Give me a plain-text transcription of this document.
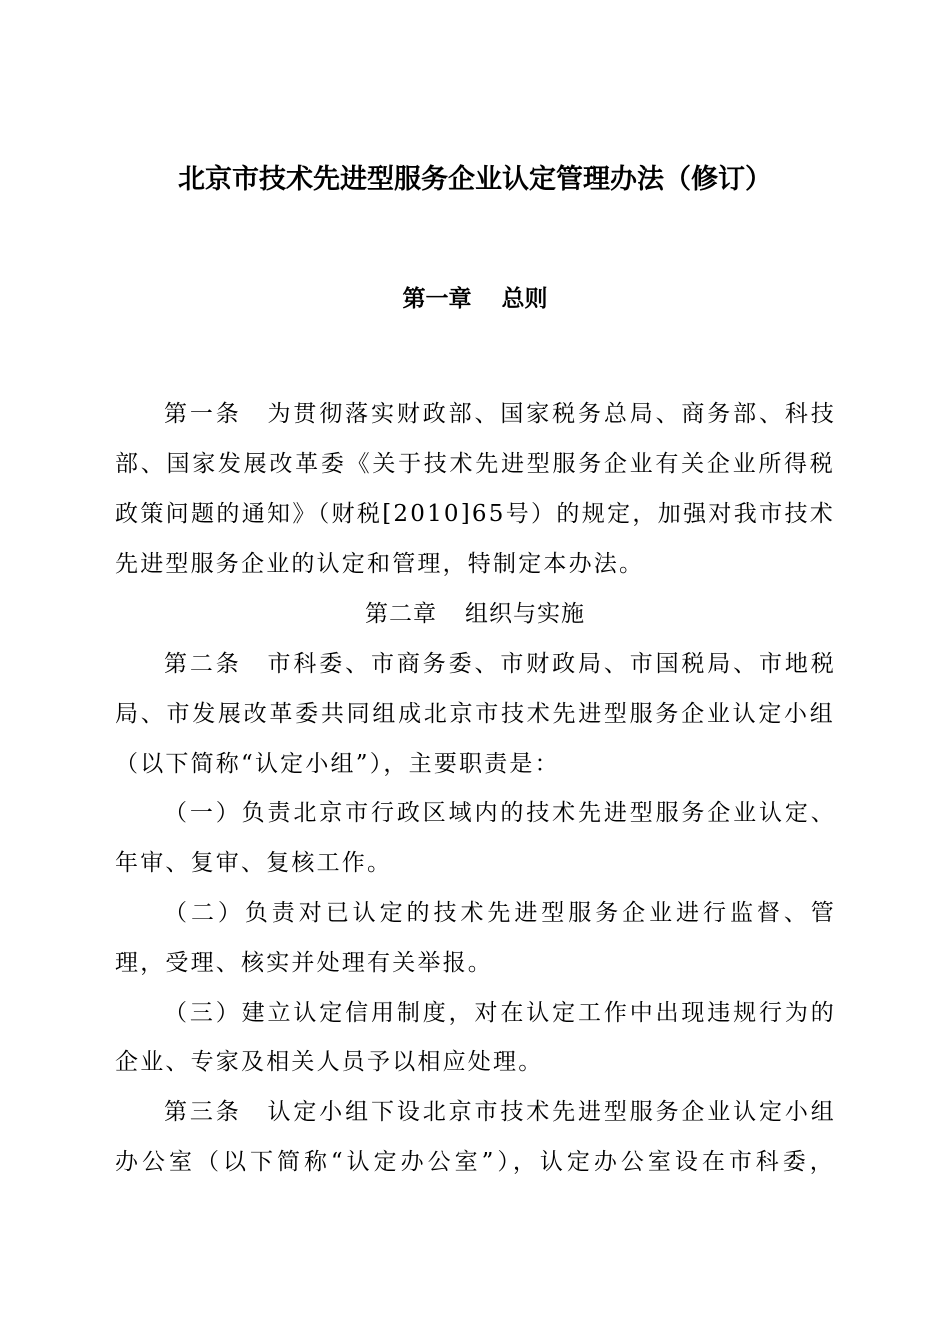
北京市技术先进型服务企业认定管理办法（修订）
第一章 总则
第一条　为贯彻落实财政部、国家税务总局、商务部、科技
部、国家发展改革委《关于技术先进型服务企业有关企业所得税
政策问题的通知》（财税[2010]65号）的规定，加强对我市技术
先进型服务企业的认定和管理，特制定本办法。
第二章 组织与实施
第二条　市科委、市商务委、市财政局、市国税局、市地税
局、市发展改革委共同组成北京市技术先进型服务企业认定小组
（以下简称“认定小组”），主要职责是：
（一）负责北京市行政区域内的技术先进型服务企业认定、
年审、复审、复核工作。
（二）负责对已认定的技术先进型服务企业进行监督、管
理，受理、核实并处理有关举报。
（三）建立认定信用制度，对在认定工作中出现违规行为的
企业、专家及相关人员予以相应处理。
第三条　认定小组下设北京市技术先进型服务企业认定小组
办公室（以下简称“认定办公室”），认定办公室设在市科委，
